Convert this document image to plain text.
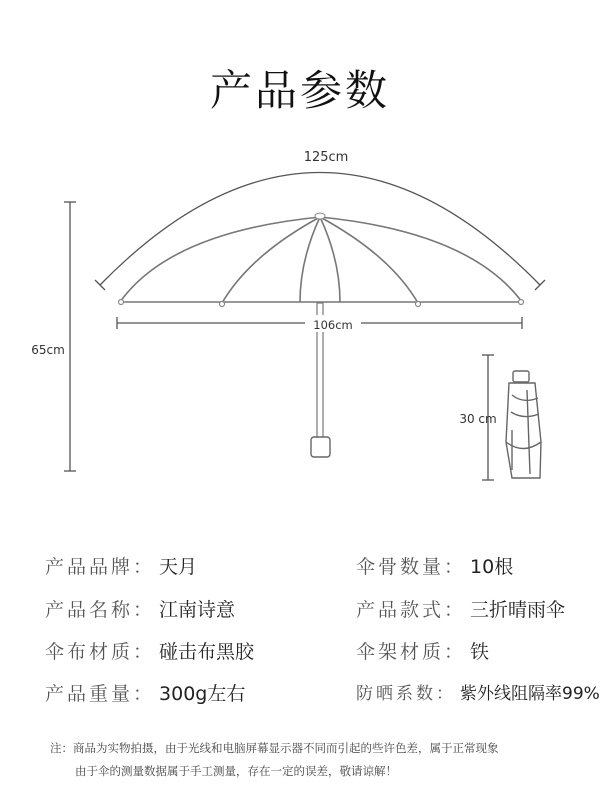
产品参数
125cm
106cm
65cm
30 cm
产品品牌： 天月	伞骨数量： 10根
产品名称： 江南诗意	产品款式： 三折晴雨伞
伞布材质： 碰击布黑胶	伞架材质： 铁
产品重量： 300g左右	防晒系数： 紫外线阻隔率99%
注：商品为实物拍摄，由于光线和电脑屏幕显示器不同而引起的些许色差，属于正常现象
由于伞的测量数据属于手工测量，存在一定的误差，敬请谅解！
